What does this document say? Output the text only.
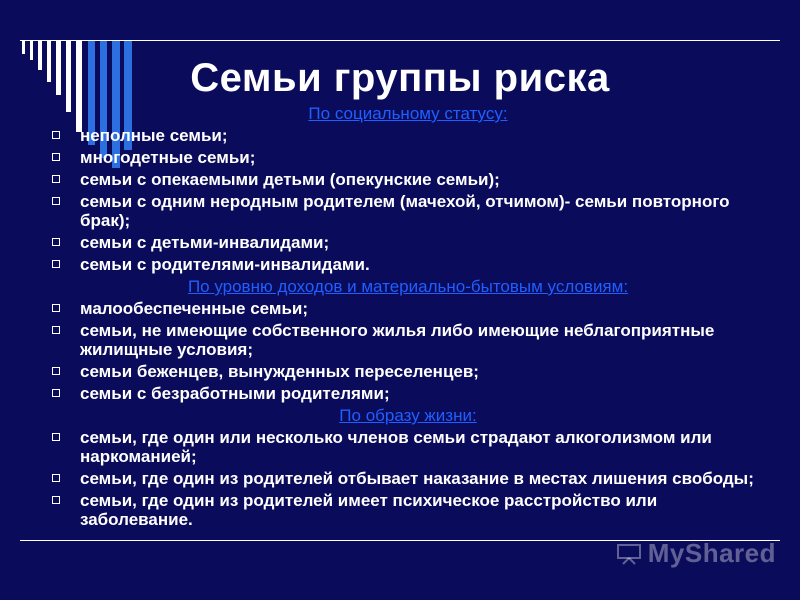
Семьи группы риска
По социальному статусу:
неполные семьи;
многодетные семьи;
семьи с опекаемыми детьми (опекунские семьи);
семьи с одним неродным родителем (мачехой, отчимом)- семьи повторного брак);
семьи с детьми-инвалидами;
семьи с родителями-инвалидами.
По уровню доходов и материально-бытовым условиям:
малообеспеченные семьи;
семьи, не имеющие собственного жилья либо имеющие неблагоприятные жилищные условия;
семьи беженцев, вынужденных переселенцев;
семьи с безработными родителями;
По образу жизни:
семьи, где один или несколько членов семьи страдают алкоголизмом или наркоманией;
семьи, где один из родителей отбывает наказание в местах лишения свободы;
семьи, где один из родителей имеет психическое расстройство или заболевание.
MyShared
